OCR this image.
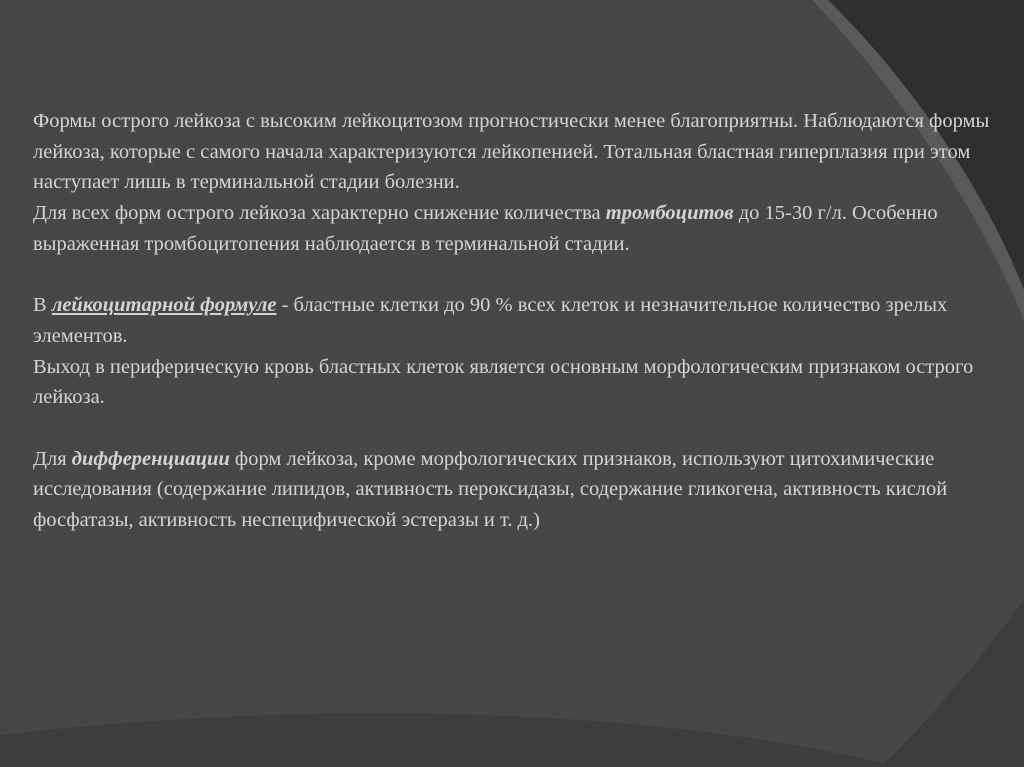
Формы острого лейкоза с высоким лейкоцитозом прогностически менее благоприятны. Наблюдаются формы лейкоза, которые с самого начала характеризуются лейкопенией. Тотальная бластная гиперплазия при этом наступает лишь в терминальной стадии болезни.

Для всех форм острого лейкоза характерно снижение количества тромбоцитов до 15-30 г/л. Особенно выраженная тромбоцитопения наблюдается в терминальной стадии.

В лейкоцитарной формуле - бластные клетки до 90 % всех клеток и незначительное количество зрелых элементов.

Выход в периферическую кровь бластных клеток является основным морфологическим признаком острого лейкоза.

Для дифференциации форм лейкоза, кроме морфологических признаков, используют цитохимические исследования (содержание липидов, активность пероксидазы, содержание гликогена, активность кислой фосфатазы, активность неспецифической эстеразы и т. д.)
